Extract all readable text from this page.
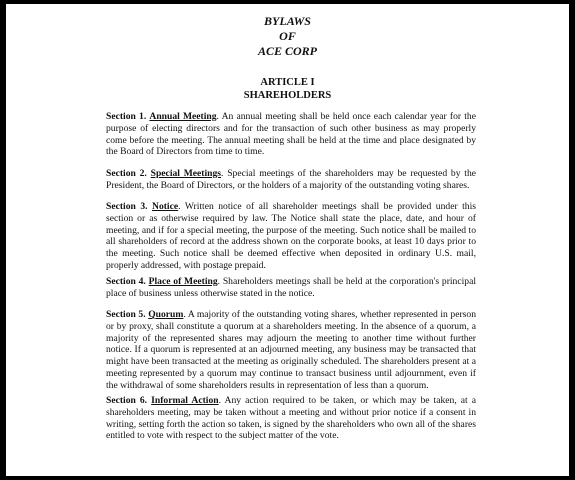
BYLAWS
OF
ACE CORP
ARTICLE I
SHAREHOLDERS
Section 1. Annual Meeting. An annual meeting shall be held once each calendar year for the purpose of electing directors and for the transaction of such other business as may properly come before the meeting. The annual meeting shall be held at the time and place designated by the Board of Directors from time to time.
Section 2. Special Meetings. Special meetings of the shareholders may be requested by the President, the Board of Directors, or the holders of a majority of the outstanding voting shares.
Section 3. Notice. Written notice of all shareholder meetings shall be provided under this section or as otherwise required by law. The Notice shall state the place, date, and hour of meeting, and if for a special meeting, the purpose of the meeting. Such notice shall be mailed to all shareholders of record at the address shown on the corporate books, at least 10 days prior to the meeting. Such notice shall be deemed effective when deposited in ordinary U.S. mail, properly addressed, with postage prepaid.
Section 4. Place of Meeting. Shareholders meetings shall be held at the corporation's principal place of business unless otherwise stated in the notice.
Section 5. Quorum. A majority of the outstanding voting shares, whether represented in person or by proxy, shall constitute a quorum at a shareholders meeting. In the absence of a quorum, a majority of the represented shares may adjourn the meeting to another time without further notice. If a quorum is represented at an adjourned meeting, any business may be transacted that might have been transacted at the meeting as originally scheduled. The shareholders present at a meeting represented by a quorum may continue to transact business until adjournment, even if the withdrawal of some shareholders results in representation of less than a quorum.
Section 6. Informal Action. Any action required to be taken, or which may be taken, at a shareholders meeting, may be taken without a meeting and without prior notice if a consent in writing, setting forth the action so taken, is signed by the shareholders who own all of the shares entitled to vote with respect to the subject matter of the vote.
